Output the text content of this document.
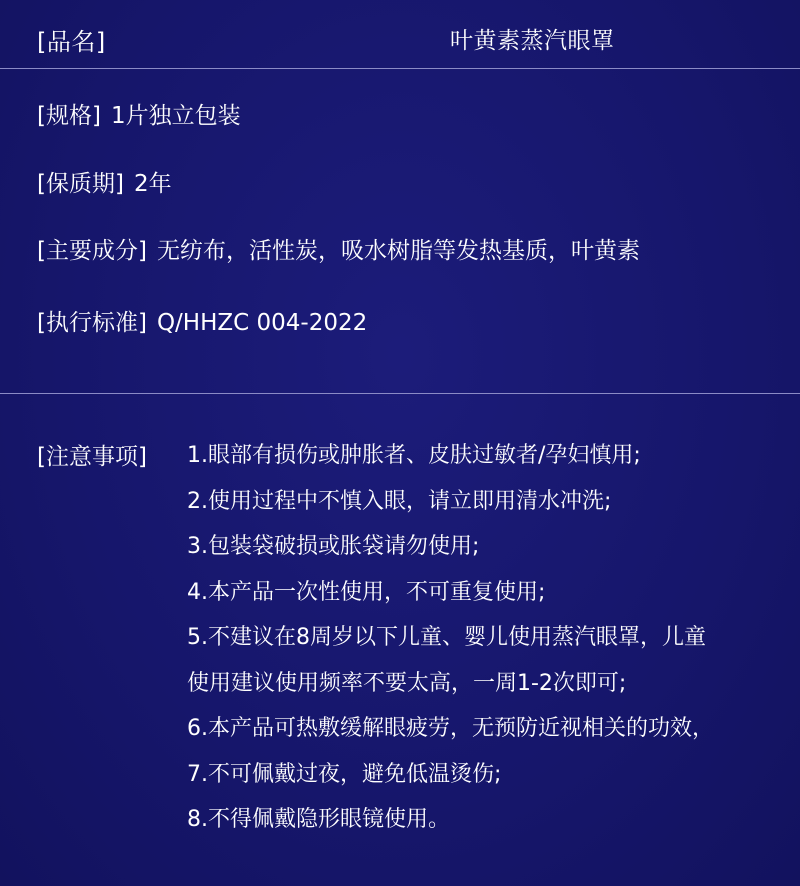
[品名]	叶黄素蒸汽眼罩
[规格] 1片独立包装
[保质期] 2年
[主要成分] 无纺布，活性炭，吸水树脂等发热基质，叶黄素
[执行标准] Q/HHZC 004-2022
[注意事项] 1.眼部有损伤或肿胀者、皮肤过敏者/孕妇慎用;
2.使用过程中不慎入眼，请立即用清水冲洗;
3.包装袋破损或胀袋请勿使用;
4.本产品一次性使用，不可重复使用;
5.不建议在8周岁以下儿童、婴儿使用蒸汽眼罩，儿童
使用建议使用频率不要太高，一周1-2次即可;
6.本产品可热敷缓解眼疲劳，无预防近视相关的功效，
7.不可佩戴过夜，避免低温烫伤;
8.不得佩戴隐形眼镜使用。
